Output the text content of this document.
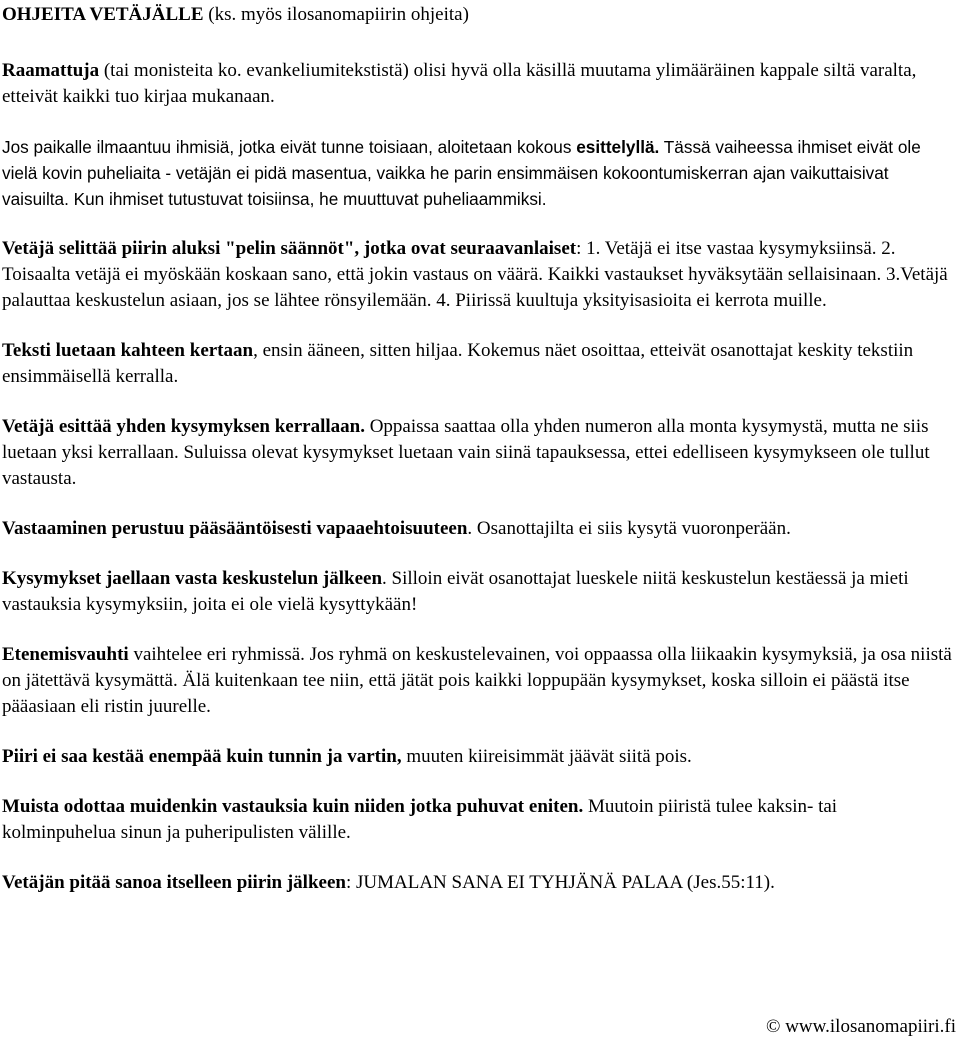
OHJEITA VETÄJÄLLE (ks. myös ilosanomapiirin ohjeita)

Raamattuja (tai monisteita ko. evankeliumitekstistä) olisi hyvä olla käsillä muutama ylimääräinen kappale siltä varalta, etteivät kaikki tuo kirjaa mukanaan.

Jos paikalle ilmaantuu ihmisiä, jotka eivät tunne toisiaan, aloitetaan kokous esittelyllä. Tässä vaiheessa ihmiset eivät ole vielä kovin puheliaita - vetäjän ei pidä masentua, vaikka he parin ensimmäisen kokoontumiskerran ajan vaikuttaisivat vaisuilta. Kun ihmiset tutustuvat toisiinsa, he muuttuvat puheliaammiksi.

Vetäjä selittää piirin aluksi "pelin säännöt", jotka ovat seuraavanlaiset: 1. Vetäjä ei itse vastaa kysymyksiinsä. 2. Toisaalta vetäjä ei myöskään koskaan sano, että jokin vastaus on väärä. Kaikki vastaukset hyväksytään sellaisinaan. 3.Vetäjä palauttaa keskustelun asiaan, jos se lähtee rönsyilemään. 4. Piirissä kuultuja yksityisasioita ei kerrota muille.

Teksti luetaan kahteen kertaan, ensin ääneen, sitten hiljaa. Kokemus näet osoittaa, etteivät osanottajat keskity tekstiin ensimmäisellä kerralla.

Vetäjä esittää yhden kysymyksen kerrallaan. Oppaissa saattaa olla yhden numeron alla monta kysymystä, mutta ne siis luetaan yksi kerrallaan. Suluissa olevat kysymykset luetaan vain siinä tapauksessa, ettei edelliseen kysymykseen ole tullut vastausta.

Vastaaminen perustuu pääsääntöisesti vapaaehtoisuuteen. Osanottajilta ei siis kysytä vuoronperään.

Kysymykset jaellaan vasta keskustelun jälkeen. Silloin eivät osanottajat lueskele niitä keskustelun kestäessä ja mieti vastauksia kysymyksiin, joita ei ole vielä kysyttykään!

Etenemisvauhti vaihtelee eri ryhmissä. Jos ryhmä on keskustelevainen, voi oppaassa olla liikaakin kysymyksiä, ja osa niistä on jätettävä kysymättä. Älä kuitenkaan tee niin, että jätät pois kaikki loppupään kysymykset, koska silloin ei päästä itse pääasiaan eli ristin juurelle.

Piiri ei saa kestää enempää kuin tunnin ja vartin, muuten kiireisimmät jäävät siitä pois.

Muista odottaa muidenkin vastauksia kuin niiden jotka puhuvat eniten. Muutoin piiristä tulee kaksin- tai kolminpuhelua sinun ja puheripulisten välille.

Vetäjän pitää sanoa itselleen piirin jälkeen: JUMALAN SANA EI TYHJÄNÄ PALAA (Jes.55:11).

© www.ilosanomapiiri.fi
